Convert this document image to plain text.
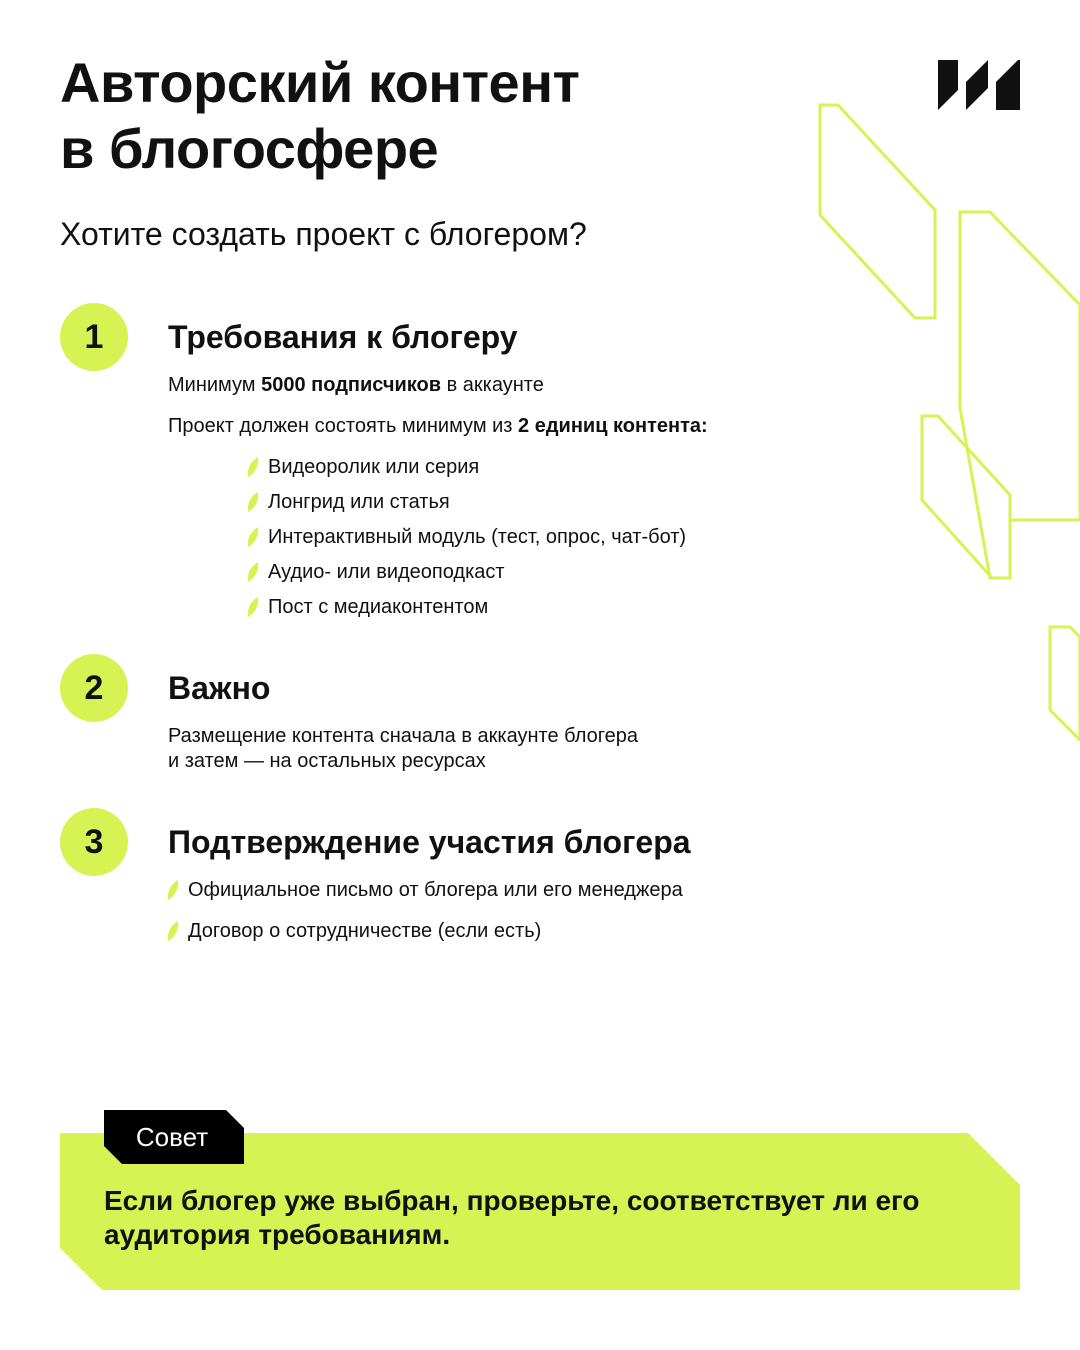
Авторский контент
в блогосфере
Хотите создать проект с блогером?
1	Требования к блогеру
Минимум 5000 подписчиков в аккаунте
Проект должен состоять минимум из 2 единиц контента:
Видеоролик или серия
Лонгрид или статья
Интерактивный модуль (тест, опрос, чат-бот)
Аудио- или видеоподкаст
Пост с медиаконтентом
2	Важно
Размещение контента сначала в аккаунте блогера
и затем — на остальных ресурсах
3	Подтверждение участия блогера
Официальное письмо от блогера или его менеджера
Договор о сотрудничестве (если есть)
Совет
Если блогер уже выбран, проверьте, соответствует ли его аудитория требованиям.
